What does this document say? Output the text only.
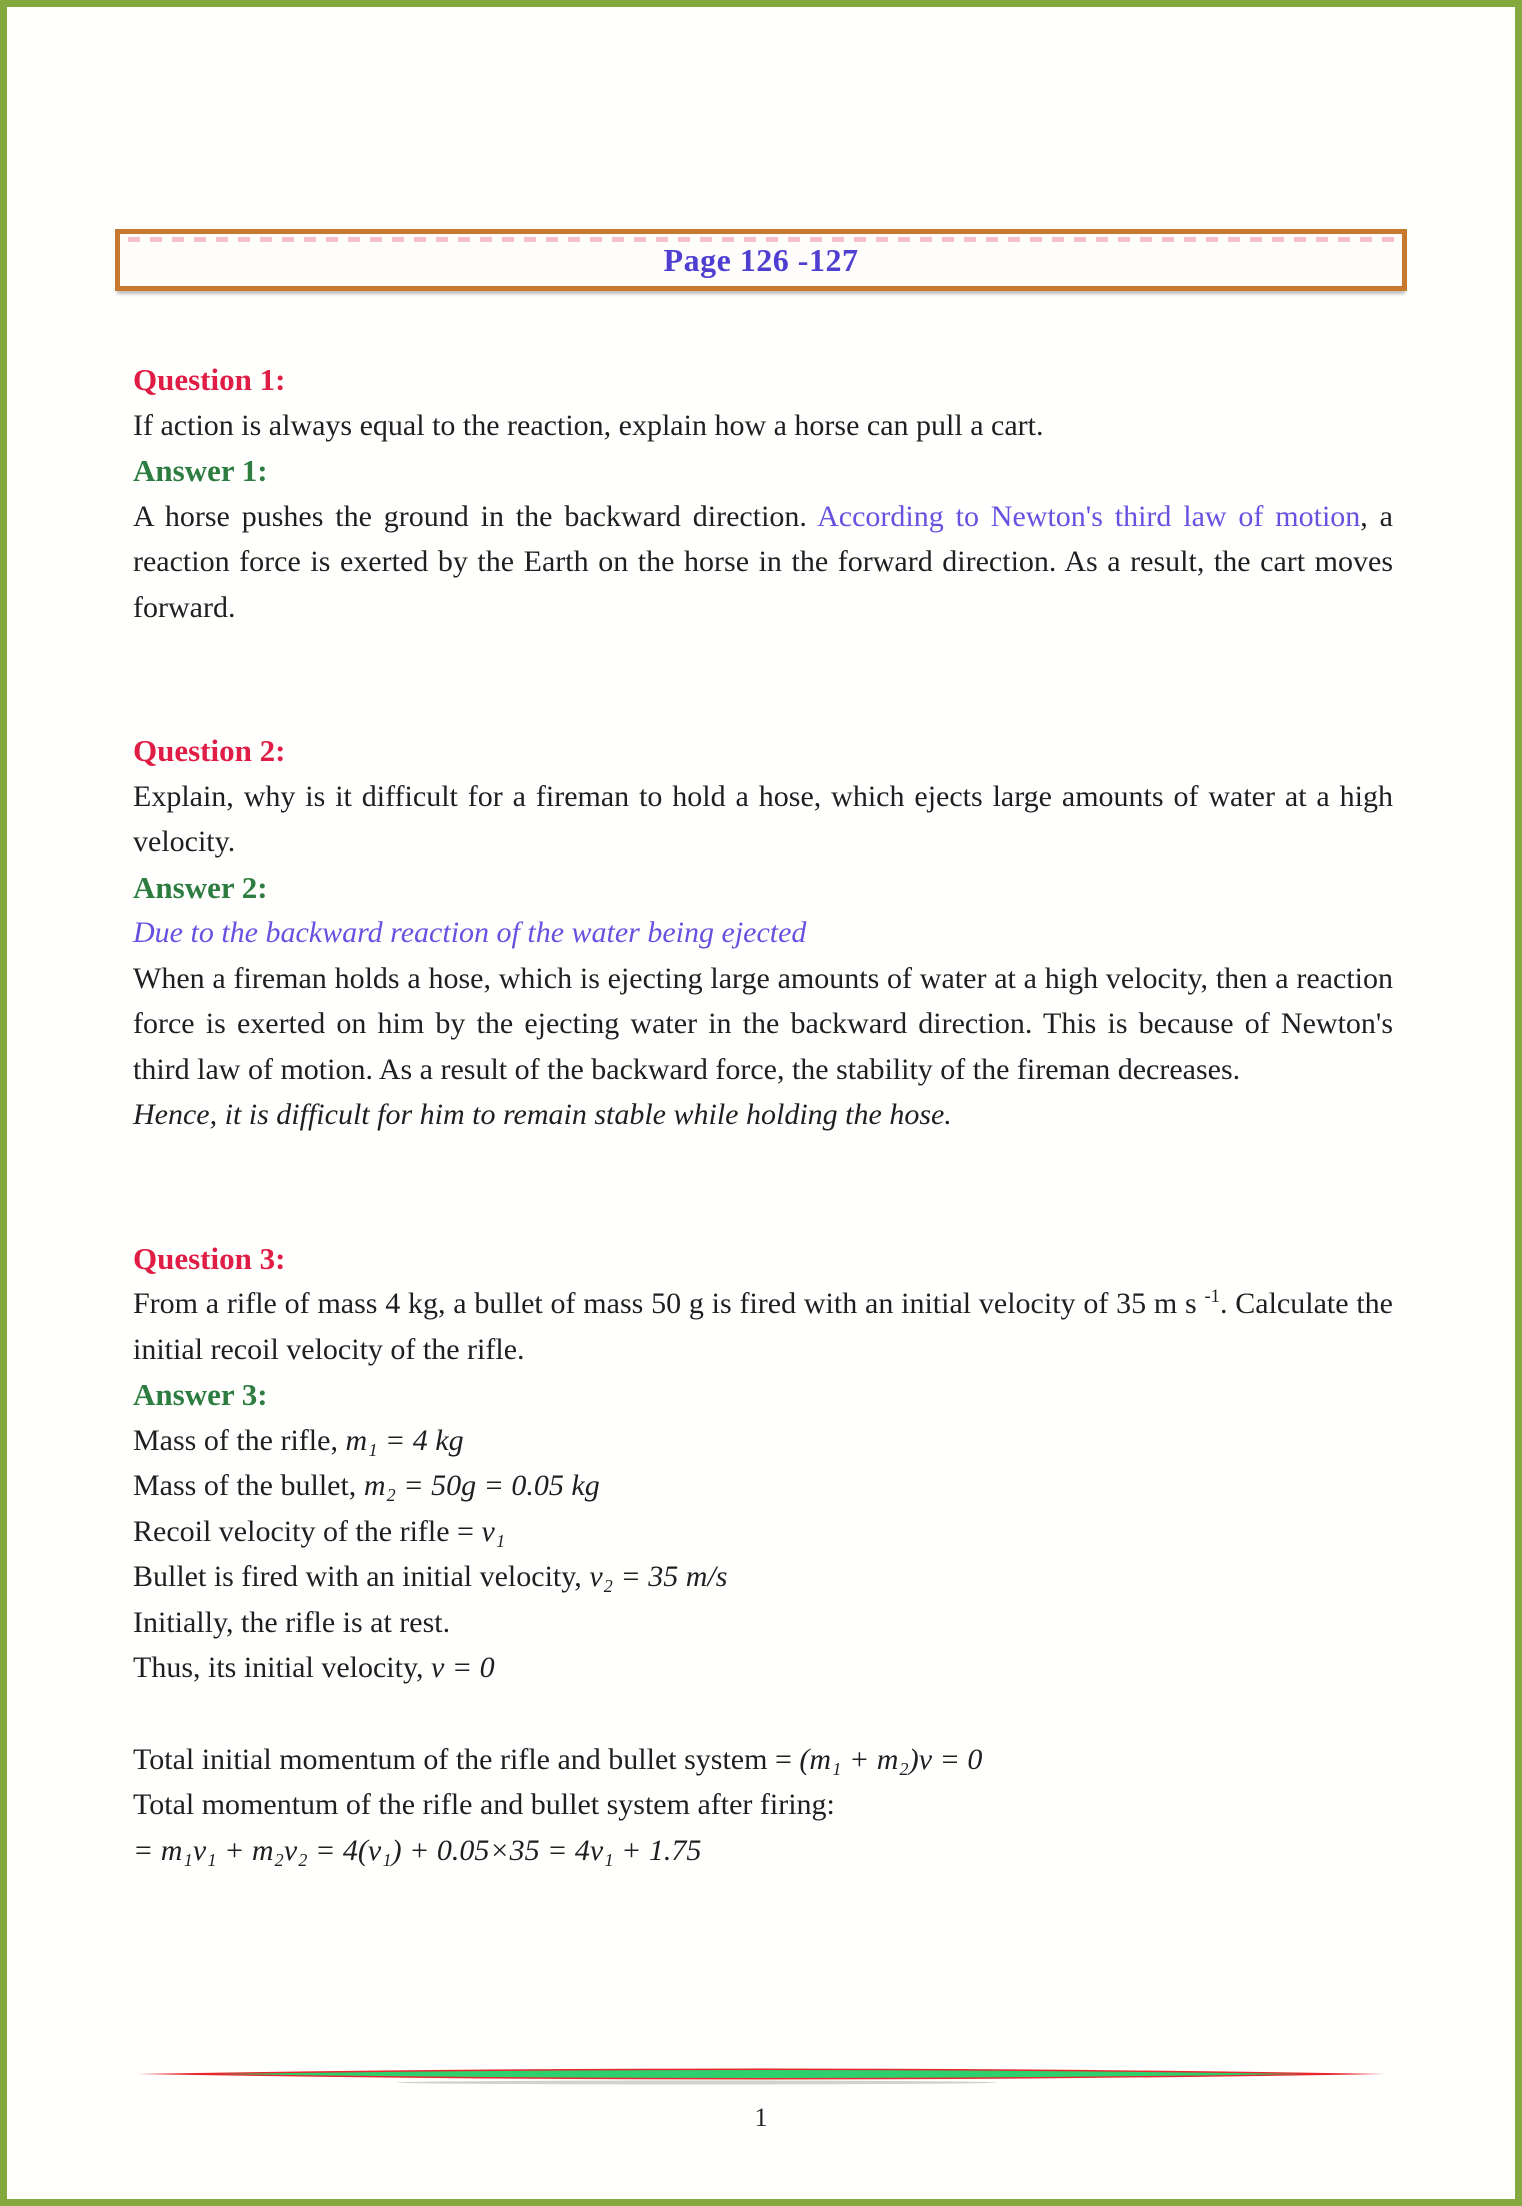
Page 126 -127
Question 1:

If action is always equal to the reaction, explain how a horse can pull a cart.

Answer 1:

A horse pushes the ground in the backward direction. According to Newton's third law of motion, a reaction force is exerted by the Earth on the horse in the forward direction. As a result, the cart moves forward.

Question 2:

Explain, why is it difficult for a fireman to hold a hose, which ejects large amounts of water at a high velocity.

Answer 2:

Due to the backward reaction of the water being ejected

When a fireman holds a hose, which is ejecting large amounts of water at a high velocity, then a reaction force is exerted on him by the ejecting water in the backward direction. This is because of Newton's third law of motion. As a result of the backward force, the stability of the fireman decreases.

Hence, it is difficult for him to remain stable while holding the hose.

Question 3:

From a rifle of mass 4 kg, a bullet of mass 50 g is fired with an initial velocity of 35 m s $^{-1}$. Calculate the initial recoil velocity of the rifle.

Answer 3:

Mass of the rifle, m₁ = 4 kg

Mass of the bullet, m₂ = 50g = 0.05 kg

Recoil velocity of the rifle = v₁

Bullet is fired with an initial velocity, v₂ = 35 m/s

Initially, the rifle is at rest.

Thus, its initial velocity, v = 0

Total initial momentum of the rifle and bullet system = (m₁ + m₂)v = 0

Total momentum of the rifle and bullet system after firing:

= m₁v₁ + m₂v₂ = 4(v₁) + 0.05×35 = 4v₁ + 1.75

1
